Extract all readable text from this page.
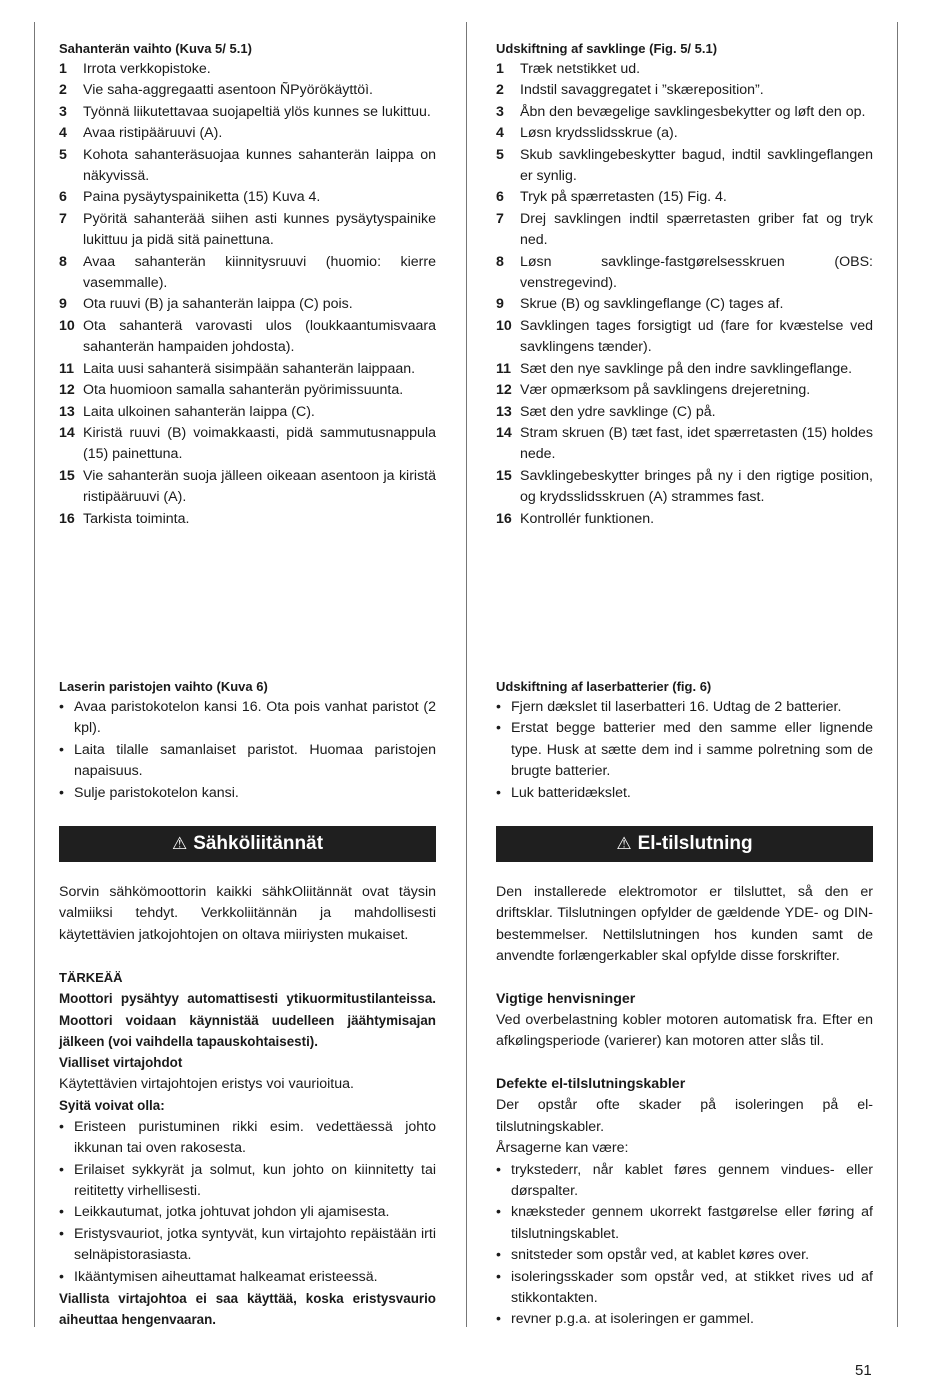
Sahanterän vaihto (Kuva 5/ 5.1)
1	Irrota verkkopistoke.
2	Vie saha-aggregaatti asentoon ÑPyörökäyttöì.
3	Työnnä liikutettavaa suojapeltiä ylös kunnes se lukittuu.
4	Avaa ristipääruuvi (A).
5	Kohota sahanteräsuojaa kunnes sahanterän laippa on näkyvissä.
6	Paina pysäytyspainiketta (15) Kuva 4.
7	Pyöritä sahanterää siihen asti kunnes pysäytyspainike lukittuu ja pidä sitä painettuna.
8	Avaa sahanterän kiinnitysruuvi (huomio: kierre vasemmalle).
9	Ota ruuvi (B) ja sahanterän laippa (C) pois.
10 Ota sahanterä varovasti ulos (loukkaantumisvaara sahanterän hampaiden johdosta).
11 Laita uusi sahanterä sisimpään sahanterän laippaan.
12 Ota huomioon samalla sahanterän pyörimissuunta.
13 Laita ulkoinen sahanterän laippa (C).
14 Kiristä ruuvi (B) voimakkaasti, pidä sammutusnappula (15) painettuna.
15 Vie sahanterän suoja jälleen oikeaan asentoon ja kiristä ristipääruuvi (A).
16 Tarkista toiminta.
Udskiftning af savklinge (Fig. 5/ 5.1)
1	Træk netstikket ud.
2	Indstil savaggregatet i ”skæreposition”.
3	Åbn den bevægelige savklingesbekytter og løft den op.
4	Løsn krydsslidsskrue (a).
5	Skub savklingebeskytter bagud, indtil savklingeflangen er synlig.
6	Tryk på spærretasten (15) Fig. 4.
7	Drej savklingen indtil spærretasten griber fat og tryk ned.
8	Løsn savklinge-fastgørelsesskruen (OBS: venstregevind).
9	Skrue (B) og savklingeflange (C) tages af.
10 Savklingen tages forsigtigt ud (fare for kvæstelse ved savklingens tænder).
11 Sæt den nye savklinge på den indre savklingeflange.
12 Vær opmærksom på savklingens drejeretning.
13 Sæt den ydre savklinge (C) på.
14 Stram skruen (B) tæt fast, idet spærretasten (15) holdes nede.
15 Savklingebeskytter bringes på ny i den rigtige position, og krydsslidsskruen (A) strammes fast.
16 Kontrollér funktionen.
Laserin paristojen vaihto (Kuva 6)
• Avaa paristokotelon kansi 16. Ota pois vanhat paristot (2 kpl).
• Laita tilalle samanlaiset paristot. Huomaa paristojen napaisuus.
• Sulje paristokotelon kansi.
⚠ Sähköliitännät
Sorvin sähkömoottorin kaikki sähkOliitännät ovat täysin valmiiksi tehdyt. Verkkoliitännän ja mahdollisesti käytettävien jatkojohtojen on oltava miiriysten mukaiset.
TÄRKEÄÄ
Moottori pysähtyy automattisesti ytikuormitustilanteissa. Moottori voidaan käynnistää uudelleen jäähtymisajan jälkeen (voi vaihdella tapauskohtaisesti).
Vialliset virtajohdot
Käytettävien virtajohtojen eristys voi vaurioitua.
Syitä voivat olla:
• Eristeen puristuminen rikki esim. vedettäessä johto ikkunan tai oven rakosesta.
• Erilaiset sykkyrät ja solmut, kun johto on kiinnitetty tai reititetty virhellisesti.
• Leikkautumat, jotka johtuvat johdon yli ajamisesta.
• Eristysvauriot, jotka syntyvät, kun virtajohto repäistään irti selnäpistorasiasta.
• Ikääntymisen aiheuttamat halkeamat eristeessä.
Viallista virtajohtoa ei saa käyttää, koska eristysvaurio aiheuttaa hengenvaaran.
Udskiftning af laserbatterier (fig. 6)
• Fjern dækslet til laserbatteri 16. Udtag de 2 batterier.
• Erstat begge batterier med den samme eller lignende type. Husk at sætte dem ind i samme polretning som de brugte batterier.
• Luk batteridækslet.
⚠ El-tilslutning
Den installerede elektromotor er tilsluttet, så den er driftsklar. Tilslutningen opfylder de gældende YDE- og DIN-bestemmelser. Nettilslutningen hos kunden samt de anvendte forlængerkabler skal opfylde disse forskrifter.
Vigtige henvisninger
Ved overbelastning kobler motoren automatisk fra. Efter en afkølingsperiode (varierer) kan motoren atter slås til.
Defekte el-tilslutningskabler
Der opstår ofte skader på isoleringen på el-tilslutningskabler.
Årsagerne kan være:
• trykstederr, når kablet føres gennem vindues- eller dørspalter.
• knæksteder gennem ukorrekt fastgørelse eller føring af tilslutningskablet.
• snitsteder som opstår ved, at kablet køres over.
• isoleringsskader som opstår ved, at stikket rives ud af stikkontakten.
• revner p.g.a. at isoleringen er gammel.
51
